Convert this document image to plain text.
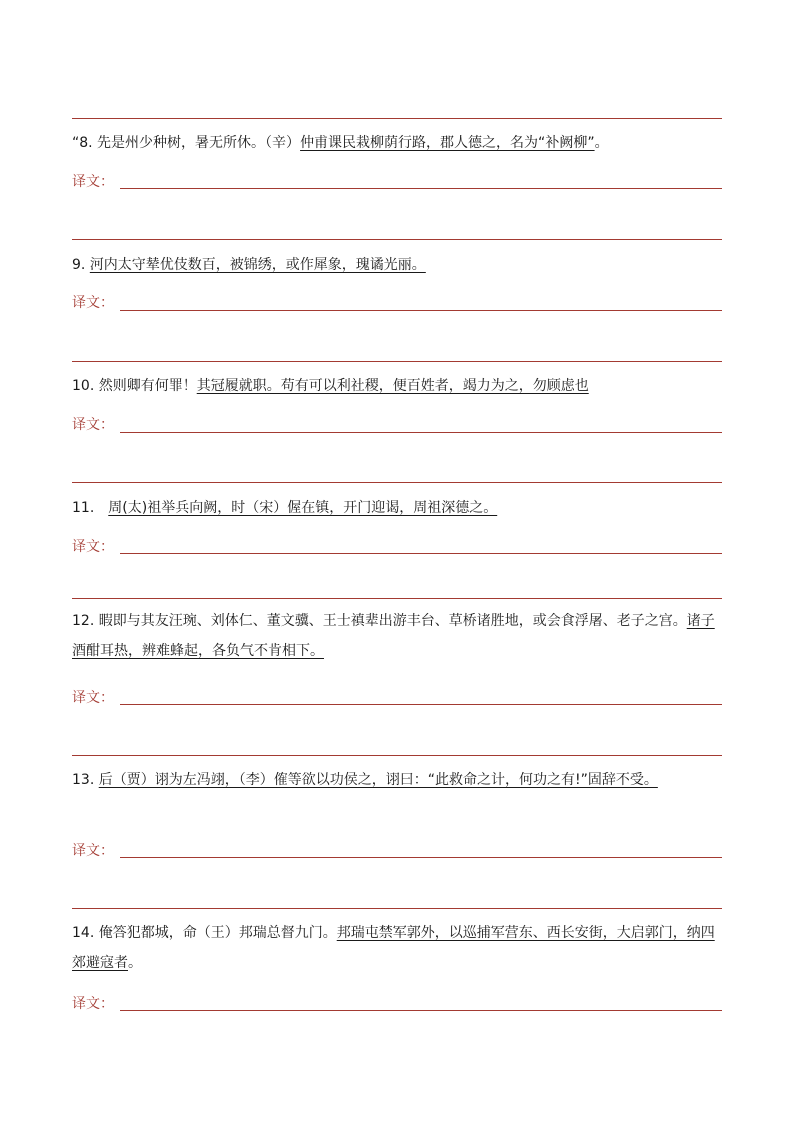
“8. 先是州少种树，暑无所休。（辛）仲甫课民栽柳荫行路，郡人德之，名为“补阙柳”。
译文：
9. 河内太守辇优伎数百，被锦绣，或作犀象，瑰谲光丽。
译文：
10. 然则卿有何罪！其冠履就职。苟有可以利社稷，便百姓者，竭力为之，勿顾虑也
译文：
11.　周(太)祖举兵向阙，时（宋）偓在镇，开门迎谒，周祖深德之。
译文：
12. 暇即与其友汪琬、刘体仁、董文骥、王士禛辈出游丰台、草桥诸胜地，或会食浮屠、老子之宫。诸子酒酣耳热，辨难蜂起，各负气不肯相下。
译文：
13. 后（贾）诩为左冯翊，（李）傕等欲以功侯之，诩曰：“此救命之计，何功之有!”固辞不受。
译文：
14. 俺答犯都城，命（王）邦瑞总督九门。邦瑞屯禁军郭外，以巡捕军营东、西长安街，大启郭门，纳四郊避寇者。
译文：
